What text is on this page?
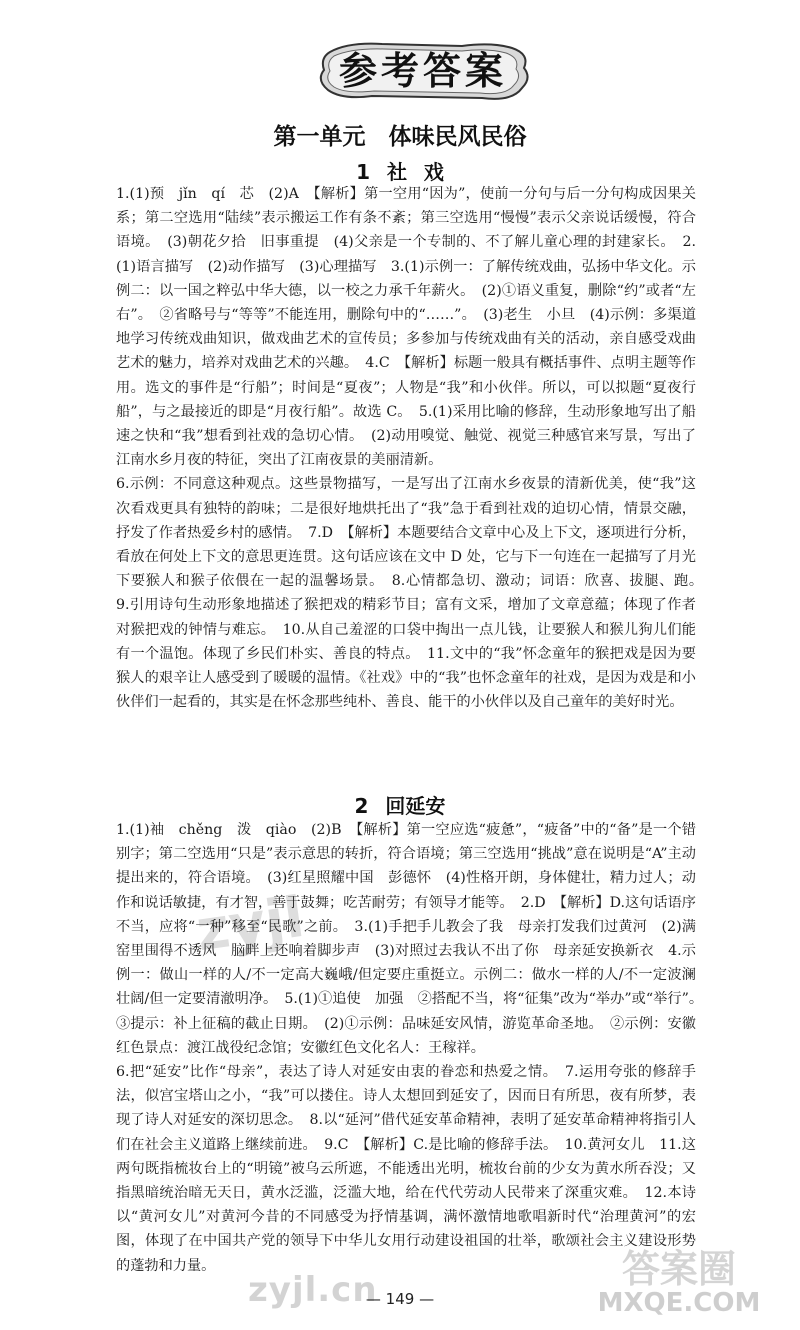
参考答案
第一单元　体味民风民俗
1 社 戏
1.(1)预　jǐn　qí　芯　(2)A　【解析】第一空用“因为”，使前一分句与后一分句构成因果关系；第二空选用“陆续”表示搬运工作有条不紊；第三空选用“慢慢”表示父亲说话缓慢，符合语境。　(3)朝花夕拾　旧事重提　(4)父亲是一个专制的、不了解儿童心理的封建家长。　2.(1)语言描写　(2)动作描写　(3)心理描写　3.(1)示例一：了解传统戏曲，弘扬中华文化。示例二：以一国之粹弘中华大德，以一校之力承千年薪火。　(2)①语义重复，删除“约”或者“左右”。　②省略号与“等等”不能连用，删除句中的“……”。　(3)老生　小旦　(4)示例：多渠道地学习传统戏曲知识，做戏曲艺术的宣传员；多参加与传统戏曲有关的活动，亲自感受戏曲艺术的魅力，培养对戏曲艺术的兴趣。　4.C　【解析】标题一般具有概括事件、点明主题等作用。选文的事件是“行船”；时间是“夏夜”；人物是“我”和小伙伴。所以，可以拟题“夏夜行船”，与之最接近的即是“月夜行船”。故选 C。　5.(1)采用比喻的修辞，生动形象地写出了船速之快和“我”想看到社戏的急切心情。　(2)动用嗅觉、触觉、视觉三种感官来写景，写出了江南水乡月夜的特征，突出了江南夜景的美丽清新。
6.示例：不同意这种观点。这些景物描写，一是写出了江南水乡夜景的清新优美，使“我”这次看戏更具有独特的韵味；二是很好地烘托出了“我”急于看到社戏的迫切心情，情景交融，抒发了作者热爱乡村的感情。　7.D　【解析】本题要结合文章中心及上下文，逐项进行分析，看放在何处上下文的意思更连贯。这句话应该在文中 D 处，它与下一句连在一起描写了月光下要猴人和猴子依偎在一起的温馨场景。　8.心情都急切、激动；词语：欣喜、拔腿、跑。　9.引用诗句生动形象地描述了猴把戏的精彩节目；富有文采，增加了文章意蕴；体现了作者对猴把戏的钟情与难忘。　10.从自己羞涩的口袋中掏出一点儿钱，让要猴人和猴儿狗儿们能有一个温饱。体现了乡民们朴实、善良的特点。　11.文中的“我”怀念童年的猴把戏是因为要猴人的艰辛让人感受到了暖暖的温情。《社戏》中的“我”也怀念童年的社戏，是因为戏是和小伙伴们一起看的，其实是在怀念那些纯朴、善良、能干的小伙伴以及自己童年的美好时光。
2 回延安
1.(1)袖　chěng　泼　qiào　(2)B　【解析】第一空应选“疲惫”，“疲备”中的“备”是一个错别字；第二空选用“只是”表示意思的转折，符合语境；第三空选用“挑战”意在说明是“A”主动提出来的，符合语境。　(3)红星照耀中国　彭德怀　(4)性格开朗，身体健壮，精力过人；动作和说话敏捷，有才智，善于鼓舞；吃苦耐劳；有领导才能等。　2.D　【解析】D.这句话语序不当，应将“一种”移至“民歌”之前。　3.(1)手把手儿教会了我　母亲打发我们过黄河　(2)满窑里围得不透风　脑畔上还响着脚步声　(3)对照过去我认不出了你　母亲延安换新衣　4.示例一：做山一样的人/不一定高大巍峨/但定要庄重挺立。示例二：做水一样的人/不一定波澜壮阔/但一定要清澈明净。　5.(1)①追使　加强　②搭配不当，将“征集”改为“举办”或“举行”。　③提示：补上征稿的截止日期。　(2)①示例：品味延安风情，游览革命圣地。　②示例：安徽红色景点：渡江战役纪念馆；安徽红色文化名人：王稼祥。
6.把“延安”比作“母亲”，表达了诗人对延安由衷的眷恋和热爱之情。　7.运用夸张的修辞手法，似宫宝塔山之小，“我”可以搂住。诗人太想回到延安了，因而日有所思，夜有所梦，表现了诗人对延安的深切思念。　8.以“延河”借代延安革命精神，表明了延安革命精神将指引人们在社会主义道路上继续前进。　9.C　【解析】C.是比喻的修辞手法。　10.黄河女儿　11.这两句既指梳妆台上的“明镜”被乌云所遮，不能透出光明，梳妆台前的少女为黄水所吞没；又指黑暗统治暗无天日，黄水泛滥，泛滥大地，给在代代劳动人民带来了深重灾难。　12.本诗以“黄河女儿”对黄河今昔的不同感受为抒情基调，满怀激情地歌唱新时代“治理黄河”的宏图，体现了在中国共产党的领导下中华儿女用行动建设祖国的壮举，歌颂社会主义建设形势的蓬勃和力量。
zyjl
zyjl.cn
— 149 —
答案圈
MXQE.COM
